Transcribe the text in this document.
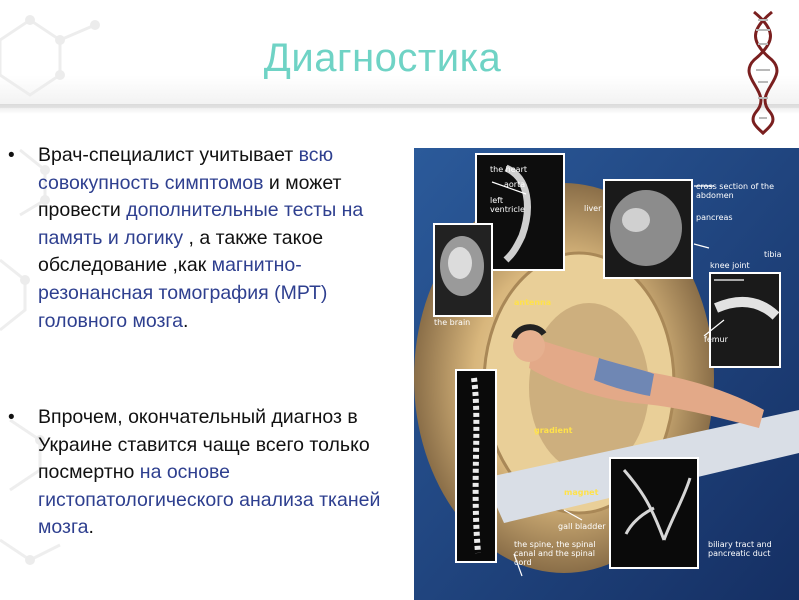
Диагностика
• Врач-специалист учитывает всю совокупность симптомов и может провести дополнительные тесты на память и логику , а также такое обследование ,как магнитно-резонансная томография (МРТ) головного мозга.
• Впрочем, окончательный диагноз в Украине ставится чаще всего только посмертно на основе гистопатологического анализа тканей мозга.
the heart
aorta
left ventricle	liver
cross section of the abdomen
pancreas
knee joint
tibia
femur
the brain
antenna
gradient
magnet
gall bladder
the spine, the spinal canal and the spinal cord
biliary tract and pancreatic duct
